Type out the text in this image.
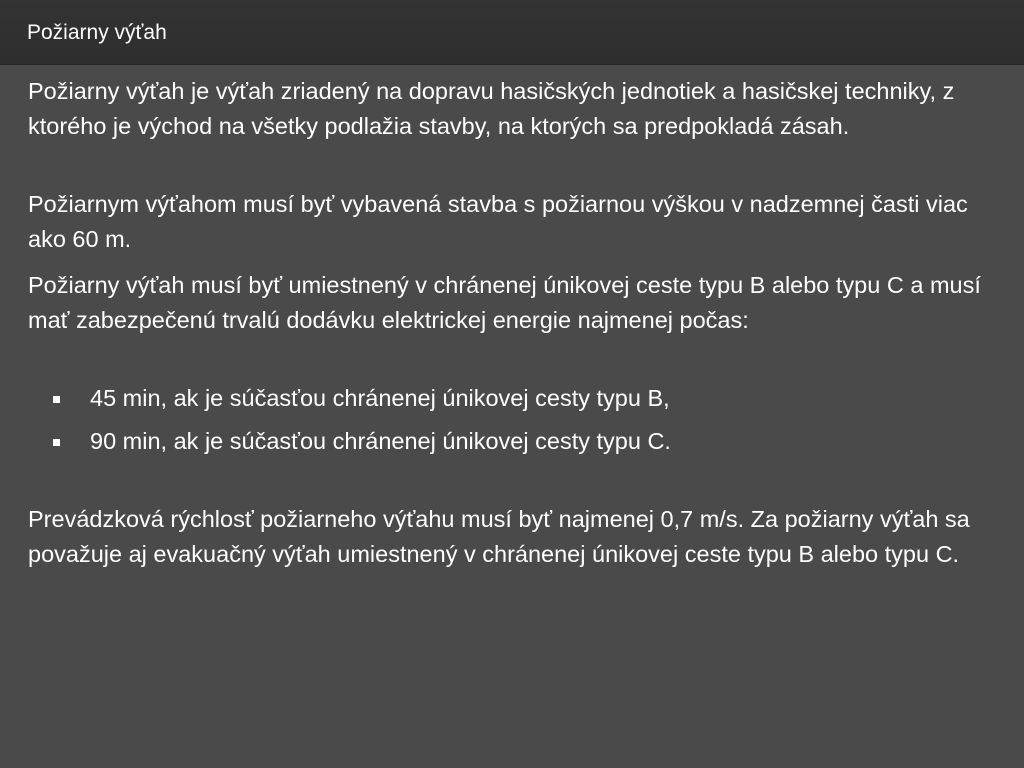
Požiarny výťah

Požiarny výťah je výťah zriadený na dopravu hasičských jednotiek a hasičskej techniky, z ktorého je východ na všetky podlažia stavby, na ktorých sa predpokladá zásah.

Požiarnym výťahom musí byť vybavená stavba s požiarnou výškou v nadzemnej časti viac ako 60 m.

Požiarny výťah musí byť umiestnený v chránenej únikovej ceste typu B alebo typu C a musí mať zabezpečenú trvalú dodávku elektrickej energie najmenej počas:

45 min, ak je súčasťou chránenej únikovej cesty typu B,
90 min, ak je súčasťou chránenej únikovej cesty typu C.

Prevádzková rýchlosť požiarneho výťahu musí byť najmenej 0,7 m/s. Za požiarny výťah sa považuje aj evakuačný výťah umiestnený v chránenej únikovej ceste typu B alebo typu C.
